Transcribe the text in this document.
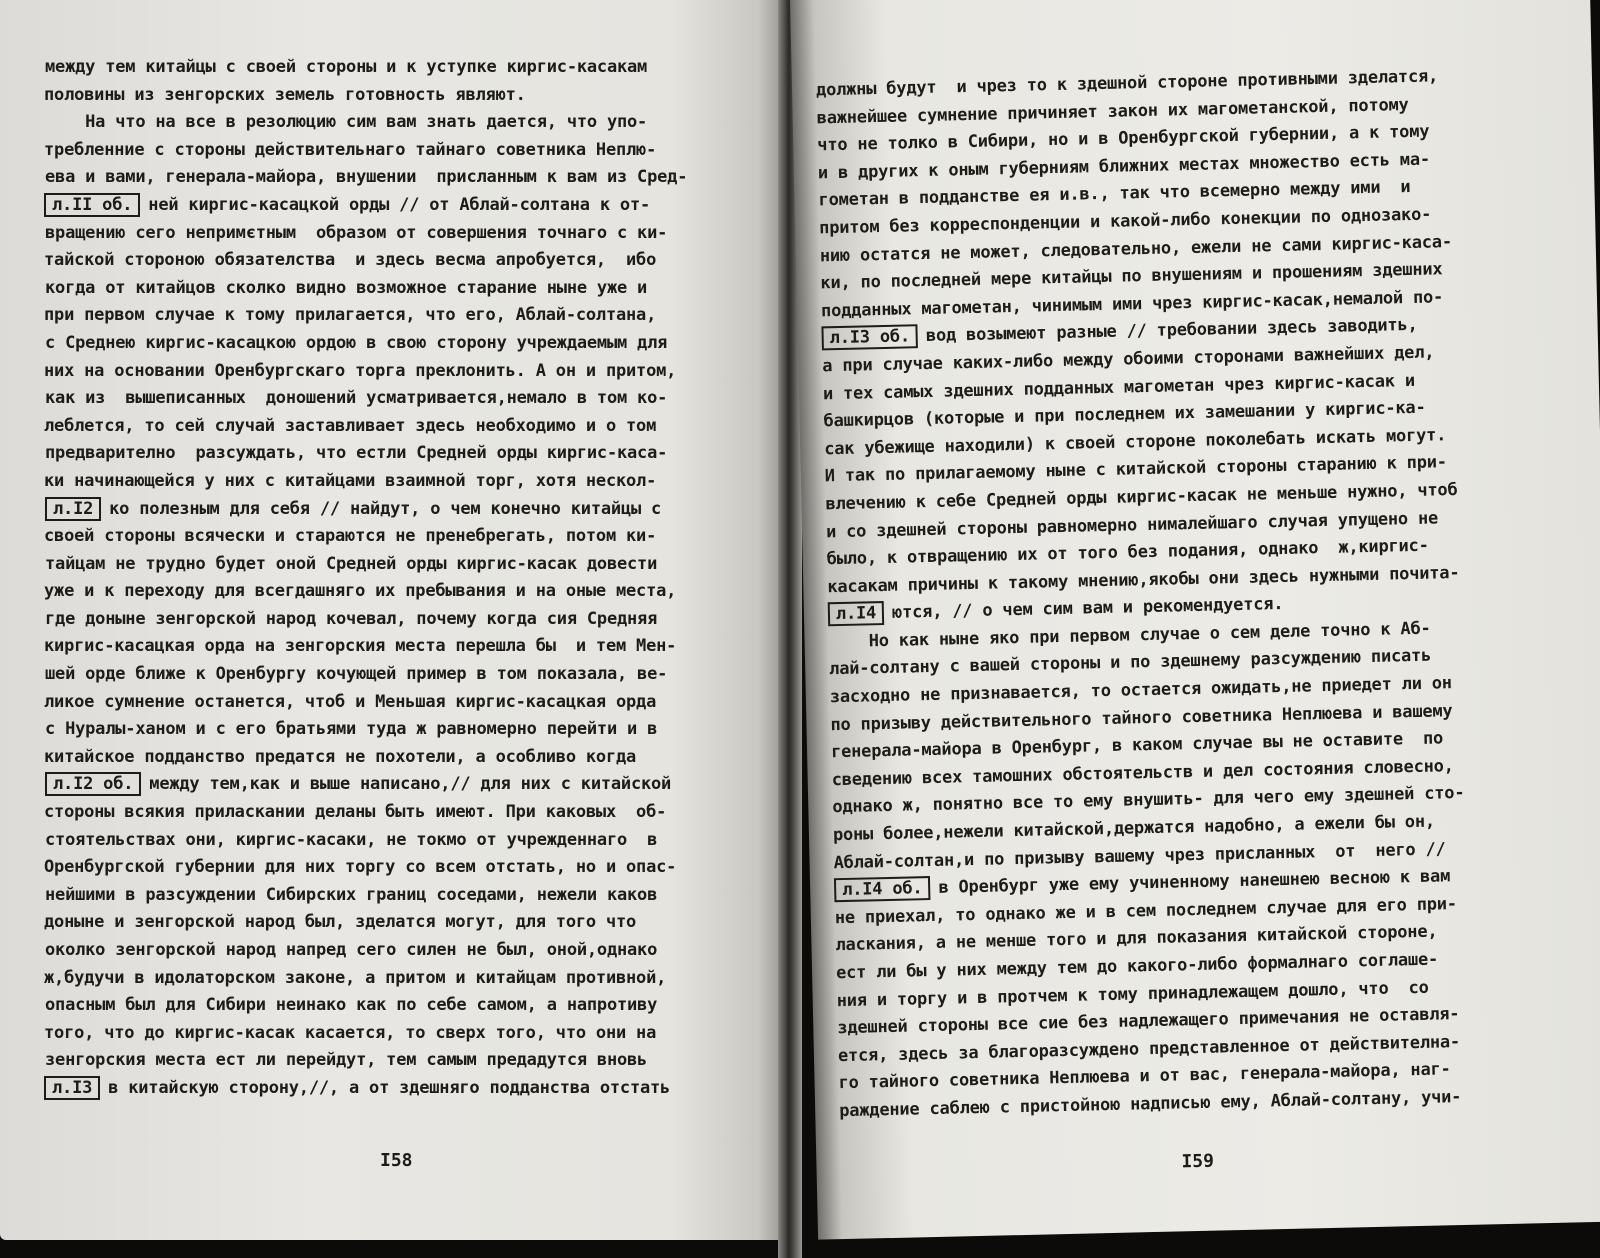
между тем китайцы с своей стороны и к уступке киргис-касакам
половины из зенгорских земель готовность являют.
На что на все в резолюцию сим вам знать дается, что упо-
требленние с стороны действительнаго тайнаго советника Неплю-
ева и вами, генерала-майора, внушении  присланным к вам из Сред-
л.II об. ней киргис-касацкой орды // от Аблай-солтана к от-
вращению сего непримєтным  образом от совершения точнаго с ки-
тайской стороною обязателства  и здесь весма апробуется,  ибо
когда от китайцов сколко видно возможное старание ныне уже и
при первом случае к тому прилагается, что его, Аблай-солтана,
с Среднею киргис-касацкою ордою в свою сторону учреждаемым для
них на основании Оренбургскаго торга преклонить. А он и притом,
как из  вышеписанных  доношений усматривается,немало в том ко-
леблется, то сей случай заставливает здесь необходимо и о том
предварително  разсуждать, что естли Средней орды киргис-каса-
ки начинающейся у них с китайцами взаимной торг, хотя нескол-
л.I2 ко полезным для себя // найдут, о чем конечно китайцы с
своей стороны всячески и стараются не пренебрегать, потом ки-
тайцам не трудно будет оной Средней орды киргис-касак довести
уже и к переходу для всегдашняго их пребывания и на оные места,
где доныне зенгорской народ кочевал, почему когда сия Средняя
киргис-касацкая орда на зенгорския места перешла бы  и тем Мен-
шей орде ближе к Оренбургу кочующей пример в том показала, ве-
ликое сумнение останется, чтоб и Меньшая киргис-касацкая орда
с Нуралы-ханом и с его братьями туда ж равномерно перейти и в
китайское подданство предатся не похотели, а особливо когда
л.I2 об. между тем,как и выше написано,// для них с китайской
стороны всякия приласкании деланы быть имеют. При каковых  об-
стоятельствах они, киргис-касаки, не токмо от учрежденнаго  в
Оренбургской губернии для них торгу со всем отстать, но и опас-
нейшими в разсуждении Сибирских границ соседами, нежели каков
доныне и зенгорской народ был, зделатся могут, для того что
околко зенгорской народ напред сего силен не был, оной,однако
ж,будучи в идолаторском законе, а притом и китайцам противной,
опасным был для Сибири неинако как по себе самом, а напротиву
того, что до киргис-касак касается, то сверх того, что они на
зенгорския места ест ли перейдут, тем самым предадутся вновь
л.I3 в китайскую сторону,//, а от здешняго подданства отстать
I58
должны будут  и чрез то к здешной стороне противными зделатся,
важнейшее сумнение причиняет закон их магометанской, потому
что не толко в Сибири, но и в Оренбургской губернии, а к тому
и в других к оным губерниям ближних местах множество есть ма-
гометан в подданстве ея и.в., так что всемерно между ими  и
притом без корреспонденции и какой-либо конекции по однозако-
нию остатся не может, следовательно, ежели не сами киргис-каса-
ки, по последней мере китайцы по внушениям и прошениям здешних
подданных магометан, чинимым ими чрез киргис-касак,немалой по-
л.I3 об. вод возымеют разные // требовании здесь заводить,
а при случае каких-либо между обоими сторонами важнейших дел,
и тех самых здешних подданных магометан чрез киргис-касак и
башкирцов (которые и при последнем их замешании у киргис-ка-
сак убежище находили) к своей стороне поколебать искать могут.
И так по прилагаемому ныне с китайской стороны старанию к при-
влечению к себе Средней орды киргис-касак не меньше нужно, чтоб
и со здешней стороны равномерно нималейшаго случая упущено не
было, к отвращению их от того без подания, однако  ж,киргис-
касакам причины к такому мнению,якобы они здесь нужными почита-
л.I4 ются, // о чем сим вам и рекомендуется.
Но как ныне яко при первом случае о сем деле точно к Аб-
лай-солтану с вашей стороны и по здешнему разсуждению писать
засходно не признавается, то остается ожидать,не приедет ли он
по призыву действительного тайного советника Неплюева и вашему
генерала-майора в Оренбург, в каком случае вы не оставите  по
сведению всех тамошних обстоятельств и дел состояния словесно,
однако ж, понятно все то ему внушить- для чего ему здешней сто-
роны более,нежели китайской,держатся надобно, а ежели бы он,
Аблай-солтан,и по призыву вашему чрез присланных  от  него //
л.I4 об. в Оренбург уже ему учиненному нанешнею весною к вам
не приехал, то однако же и в сем последнем случае для его при-
ласкания, а не менше того и для показания китайской стороне,
ест ли бы у них между тем до какого-либо формалнаго соглаше-
ния и торгу и в протчем к тому принадлежащем дошло, что  со
здешней стороны все сие без надлежащего примечания не оставля-
ется, здесь за благоразсуждено представленное от действителна-
го тайного советника Неплюева и от вас, генерала-майора, наг-
раждение саблею с пристойною надписью ему, Аблай-солтану, учи-
I59
